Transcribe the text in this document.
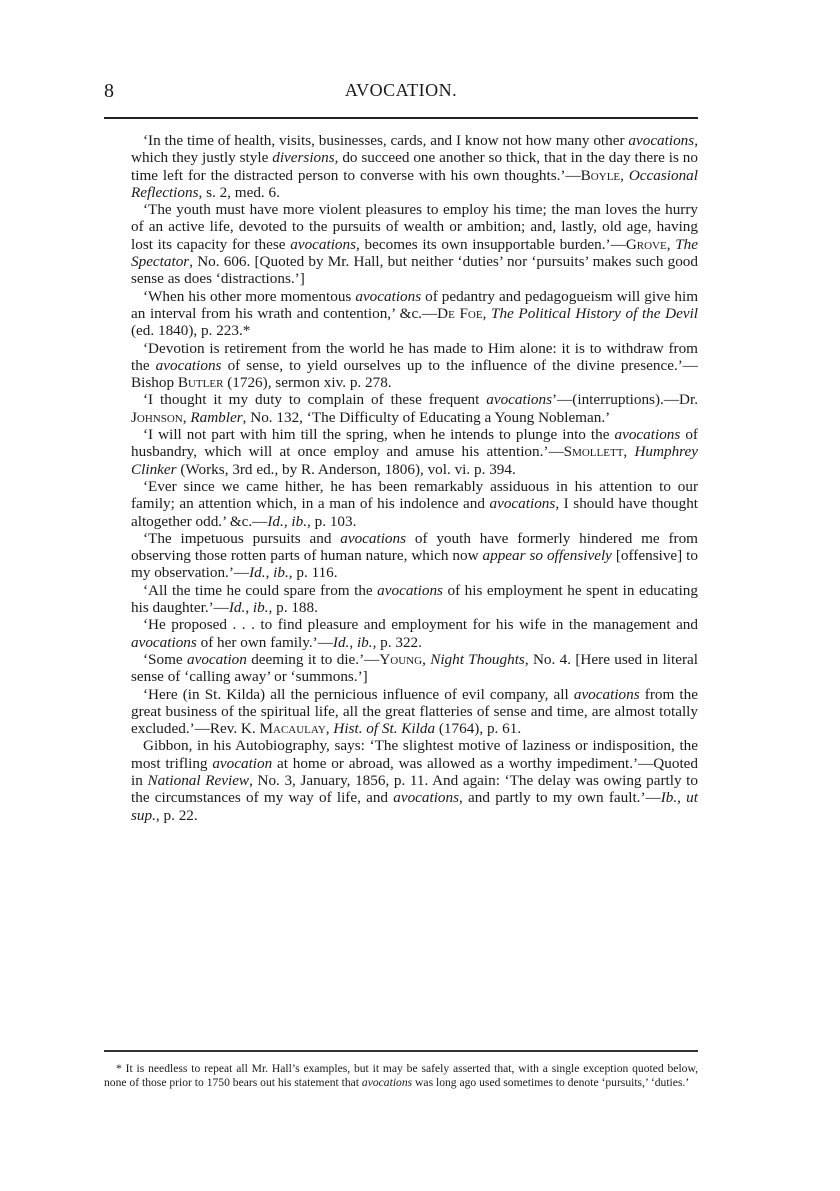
8	AVOCATION.

‘In the time of health, visits, businesses, cards, and I know not how many other avocations, which they justly style diversions, do succeed one another so thick, that in the day there is no time left for the distracted person to converse with his own thoughts.’—Boyle, Occasional Reflections, s. 2, med. 6.

‘The youth must have more violent pleasures to employ his time; the man loves the hurry of an active life, devoted to the pursuits of wealth or ambition; and, lastly, old age, having lost its capacity for these avocations, becomes its own insupportable burden.’—Grove, The Spectator, No. 606. [Quoted by Mr. Hall, but neither ‘duties’ nor ‘pursuits’ makes such good sense as does ‘distractions.’]

‘When his other more momentous avocations of pedantry and pedagogueism will give him an interval from his wrath and contention,’ &c.—De Foe, The Political History of the Devil (ed. 1840), p. 223.*

‘Devotion is retirement from the world he has made to Him alone: it is to withdraw from the avocations of sense, to yield ourselves up to the influence of the divine presence.’—Bishop Butler (1726), sermon xiv. p. 278.

‘I thought it my duty to complain of these frequent avocations’—(interruptions).—Dr. Johnson, Rambler, No. 132, ‘The Difficulty of Educating a Young Nobleman.’

‘I will not part with him till the spring, when he intends to plunge into the avocations of husbandry, which will at once employ and amuse his attention.’—Smollett, Humphrey Clinker (Works, 3rd ed., by R. Anderson, 1806), vol. vi. p. 394.

‘Ever since we came hither, he has been remarkably assiduous in his attention to our family; an attention which, in a man of his indolence and avocations, I should have thought altogether odd.’ &c.—Id., ib., p. 103.

‘The impetuous pursuits and avocations of youth have formerly hindered me from observing those rotten parts of human nature, which now appear so offensively [offensive] to my observation.’—Id., ib., p. 116.

‘All the time he could spare from the avocations of his employment he spent in educating his daughter.’—Id., ib., p. 188.

‘He proposed . . . to find pleasure and employment for his wife in the management and avocations of her own family.’—Id., ib., p. 322.

‘Some avocation deeming it to die.’—Young, Night Thoughts, No. 4. [Here used in literal sense of ‘calling away’ or ‘summons.’]

‘Here (in St. Kilda) all the pernicious influence of evil company, all avocations from the great business of the spiritual life, all the great flatteries of sense and time, are almost totally excluded.’—Rev. K. Macaulay, Hist. of St. Kilda (1764), p. 61.

Gibbon, in his Autobiography, says: ‘The slightest motive of laziness or indisposition, the most trifling avocation at home or abroad, was allowed as a worthy impediment.’—Quoted in National Review, No. 3, January, 1856, p. 11. And again: ‘The delay was owing partly to the circumstances of my way of life, and avocations, and partly to my own fault.’—Ib., ut sup., p. 22.

* It is needless to repeat all Mr. Hall’s examples, but it may be safely asserted that, with a single exception quoted below, none of those prior to 1750 bears out his statement that avocations was long ago used sometimes to denote ‘pursuits,’ ‘duties.’
